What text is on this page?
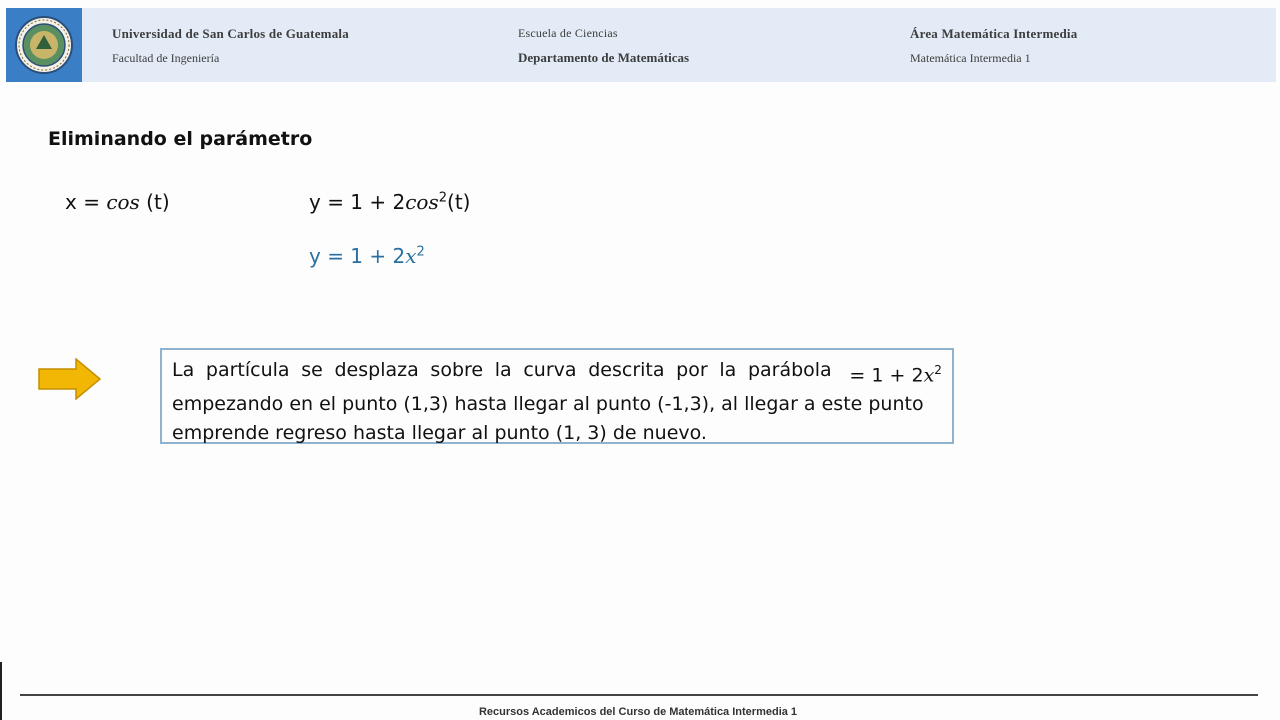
Universidad de San Carlos de Guatemala
Facultad de Ingeniería
Escuela de Ciencias
Departamento de Matemáticas
Área Matemática Intermedia
Matemática Intermedia 1
Eliminando el parámetro
x = cos (t)	$y = 1 + 2\cos^2(t)$
$y = 1 + 2x^2$
La partícula se desplaza sobre la curva descrita por la parábola = $1 + 2x^2$
empezando en el punto (1,3) hasta llegar al punto (-1,3), al llegar a este punto
emprende regreso hasta llegar al punto (1, 3) de nuevo.
Recursos Academicos del Curso de Matemática Intermedia 1
